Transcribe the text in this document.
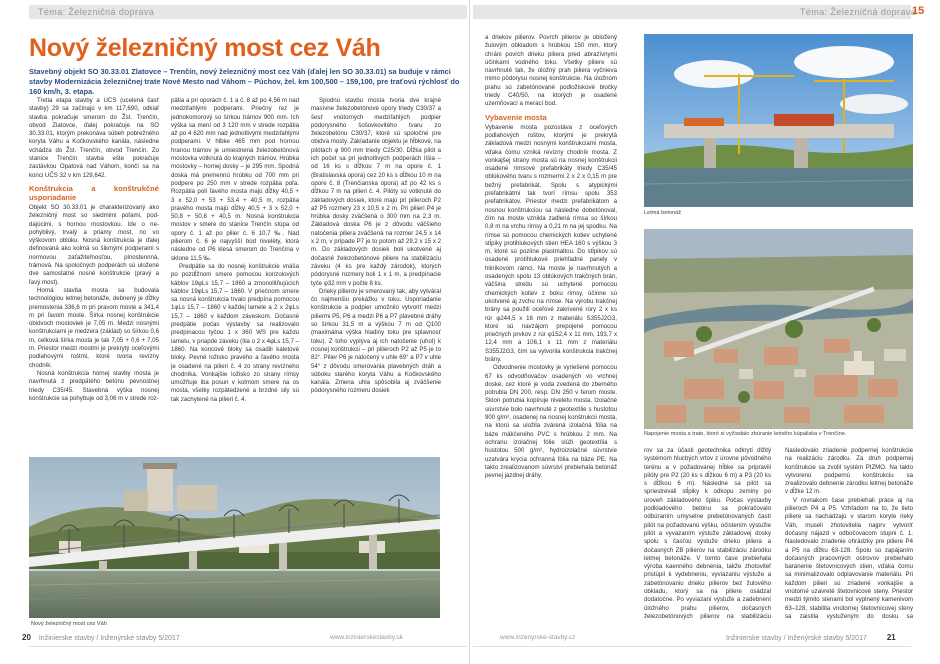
Téma: Železničná doprava	Téma: Železničná doprava
15
Nový železničný most cez Váh
Stavebný objekt SO 30.33.01 Zlatovce – Trenčín, nový železničný most cez Váh (ďalej len SO 30.33.01) sa buduje v rámci stavby Modernizácia železničnej trate Nové Mesto nad Váhom – Púchov, žel. km 100,500 – 159,100, pre traťovú rýchlosť do 160 km/h, 3. etapa.

Tretia etapa stavby a UČS (ucelená časť stavby) 29 sa začínajú v km 117,690, odkiaľ stavba pokračuje smerom do Žst. Trenčín, obvod Zlatovce, ďalej pokračuje na SO 30.33.01, ktorým prekonáva súbeh pobrežného koryta Váhu a Kočkovského kanála, následne vchádza do Žst. Trenčín, obvod Trenčín. Zo stanice Trenčín stavba ešte pokračuje zastávkou Opatová nad Váhom, končí sa na konci UČS 32 v km 129,642.

Konštrukcia a konštrukčné usporiadanie

Objekt SO 30.33.01 je charakterizovaný ako železničný most so siedmimi poľami, pod-dajúcimi, s hornou mostovkou. Ide o ne-pohyblivý, trvalý a priamy most, no vo výškovom oblúku. Nosná konštrukcia je ďalej definovaná ako kolmá so šikmými podperami s normovou zaťažiteľnosťou, plnostennná, trámová. Na spoločných podperách sú uložené dve samostatné nosné konštrukcie (pravý a ľavý most).

Horná stavba mosta sa budovala technológiou letmej betonáže, debnený je dĺžky premostenia 336,6 m pri pravom moste a 341,4 m pri ľavom moste. Šírka nosnej konštrukcie obidvoch mostoviek je 7,05 m. Medzi nosnými konštrukciami je medzera (základ) so šírkou 0,6 m, celková šírka mosta je tak 7,05 + 0,6 + 7,05 m. Priestor medzi mostmi je prekrytý oceľovými podlahovými roštmi, ktoré tvoria revízny chodník.

Nosná konštrukcia hornej stavby mosta je navrhnutá z predpätého betónu pevnostnej triedy C35/45. Stavebná výška nosnej konštrukcie sa pohybuje od 3,06 m v strede roz-

pätia a pri oporách č. 1 a č. 8 až po 4,56 m nad medziľahlými podperami. Priečny rez je jednokomorový so šírkou trámov 900 mm. Ich výška sa mení od 3 120 mm v strede rozpätia až po 4 620 mm nad jednotlivými medziľahlými podperami. V hlbke 465 mm pod hornou hranou trámov je umiestnená železobetónová mostovka votknutá do krajných trámov. Hrúbka mostovky – hornej dosky – je 295 mm. Spodná doska má premennú hrúbku od 700 mm pri podpere po 250 mm v strede rozpätia poľa. Rozpätia polí ľavého mosta majú dĺžky 40,5 + 3 x 52,0 + 53 + 53,4 + 40,5 m, rozpätia pravého mosta majú dĺžky 40,5 + 3 x 52,0 + 50,8 + 50,8 + 40,5 m. Nosná konštrukcia mostov v smere do stanice Trenčín stúpa od opory č. 1 až po pilier č. 6 10,7 ‰. Nad pilierom č. 6 je najvyšší bod niveléty, ktorá následne od P6 klesá smerom do Trenčína v sklone 11,5 ‰.

Predpätie sa do nosnej konštrukcie vnáša po pozdĺžnom smere pomocou konzolových káblov 19φLs 15,7 – 1860 a zmonolitňujúcich káblov 19φLs 15,7 – 1860. V priečnom smere sa nosná konštrukcia trvalo predpína pomocou 1φLs 15,7 – 1860 v každej lamele a 2 x 2φLs 15,7 – 1860 v každom záveskom. Dočasné predpätie počas výstavby sa realizovalo predpínacou tyčou 1 x 360 WS pre každú lamelu, v priapde záveku (ília o 2 x 4φLs 15,7 – 1860. Na koncové bloky sa osadili kaletové bloky. Pevné ložisko pravého a ľavého mosta je osadené na pilieri č. 4 zo strany revízneho chodníka. Vonkajšie ložisko zo strany rímsy umožňuje iba posun v kolmom smere na os mosta, všetky rozpätedzené a brzdné sily sú tak zachytené na pilieri č. 4.

Spodnú stavbu mosta tvoria dve krajné masívne železobetónové opory triedy C30/37 a šesť vnútorných medziľahlých podpier pódorysného šošovkovitého tvaru zo železobetónu C30/37, ktoré sú spoločné pre obidva mosty. Základanie objektu je hĺbkové, na pilótach φ 900 mm triedy C25/30. Dĺžka pilót a ich počet sa pri jednotlivých podperách líšia – od 16 ks s dĺžkou 7 m na opore č. 1 (Bratislavská opora) cez 20 ks s dĺžkou 10 m na opore č. 8 (Trenčianska opora) až po 42 ks s dĺžkou 7 m na pilieri č. 4. Pilóty sú votknuté do základových dosiek, ktoré majú pri pilieroch P2 až P5 rozmery 23 x 10,5 x 2 m. Pri pilieri P4 je hrúbka dosky zväčšená o 300 mm na 2,3 m. Základová doska P6 je z dôvodu väčšieho natočenia piliera zväčšená na rozmer 24,5 x 14 x 2 m, v prípade P7 je to potom až 29,2 x 15 x 2 m. Do základových dosiek boli ukotvené aj dočasné železobetónové piliere na stabilizáciu záveku (4 ks pre každý zárodok), ktorých pódorysné rozmery boli 1 x 1 m, a predpínacie tyče φ32 mm v počte 8 ks.

Drieky pilierov je smerovaný tak, aby vytváral čo najmenšiu prekážku v toku. Usporiadanie konštrukcie a podpier umožnilo vytvoriť medzi piliermi P5, P6 a medzi P6 a P7 plavebné dráhy so šírkou 31,5 m a výškou 7 m od Q100 (maximálna výška hladiny toku pre splavnosť toku). Z toho vyplýva aj ich natočenie (uhol) k nosnej konštrukcii – pri pilieroch P2 až P5 je to 82°. Pilier P6 je natočený v uhle 69° a P7 v uhle 54° z dôvodu smerovania plavebných dráh a súboku starého koryta Váhu a Kočkovského kanála. Zmena uhla spôsobila aj zväčšenie pódorysného rozmeru dosiek

Nový železničný most cez Váh
20 Inžinierske stavby / Inženýrské stavby 5/2017	www.inzinierskestavby.sk

a driekov pilierov. Povrch pilierov je obložený žulovým obkladom s hrúbkou 150 mm, ktorý chráni povrch drieku piliera pred abrazívnymi účinkami vodného toku. Všetky piliere sú navrhnuté tak, že úložný prah piliera vyčnieva mimo pôdorysu nosnej konštrukcie. Na úložnom prahu sú zabetónované podložiskové bločky triedy C40/50, na ktorých je osadené uzemňovací a merací bod.

Vybavenie mosta

Vybavenie mosta pozostáva z oceľových podlahových roštov, ktorými je prekrytá základová medzi nosnými konštrukciami mosta, vďaka čomu vzniká revízny chodník mosta. Z vonkajšej strany mosta sú na nosnej konštrukcii osadené rímsové prefabrikáty triedy C35/45 oblúkového tvaru s rozmermi 2 x 2 x 0,15 m pre bežný prefabrikát. Spolu s atypickými prefabrikátmi tak tvorí rímsu spolu 353 prefabrikátov. Priestor medzi prefabrikátom a nosnou konštrukciou sa následne dobetónoval, čím na moste vznikla zadlená rímsa so šírkou 0,8 m na vrchu rímsy a 0,21 m na jej spodku. Na rímse sú pomocou chemických kotiev uchytené stĺpiky protihlukových stien HEA 160 s výškou 3 m, ktoré sú poziíne plastmaltou. Do stĺpikov sú osadené protihlukové priehľadné panely v hliníkovom rámci. Na moste je navrhnutých a osadených spolu 13 oblúkových trakčných brán, väčšina stredu sú uchytené pomocou chemických kotiev z boku rímsy, účinne sú ukotvené aj zvchu na rímse. Na výrobu trakčnej brány sa použili oceľové zakrivené rúry 2 x ks rúr φ244,5 x 16 mm z materiálu S355J2G3, ktoré sú navzájom prepojené pomocou priečnych prvkov z rúr φ152,4 x 11 mm, 193,7 x 12,4 mm a 106,1 x 11 mm z materiálu S355J2G3, čím sa vytvorila konštrukcia trakčnej brány.

Odvodnenie mostovky je vyriešené pomocou 67 ks odvodňovačov osadených vo vrchnej doske, cez ktoré je voda zvedená do zberného potrubia DN 200, resp. DN 250 v ferom moste. Sklon potrubia kopíruje niveletu mosta. Izolačné súvrstvie bolo navrhnuté z geotextílie s hustotou 900 g/m², osadenej na nosnej konštrukcii mosta, na ktorú sa uložila zvárená izolačná fólia na báze mäkčeného PVC s hrúbkou 2 mm. Na ochranu izolačnej fólie slúži geotextília s hustotou 500 g/m², hydroizolačné súvrstvie uzatvára krycia ochranná fólia na báze PE. Na takto zrealizovanom súvrství prebiehala betonáž pevnej jazdnej dráhy.

Letmá betonáž
Napojenie mosta a trate, ktoré si vyžiadalo zbúranie letného kúpaliska v Trenčíne.

rov sa za účasti geotechnika odkrytí dlžitý systémom hlucbých vrtov z úrovne pôvodného terénu a v požadovanej hĺbke sa pripravili pilóty pre P2 (20 ks s dĺžkou 6 m) a P3 (20 ks s dĺžkou 6 m). Následne sa pilót sa spriestrevali stĺpiky k odkopu zeminy po úroveň základového špiku. Počas výstavby podkladového betónu sa pokračovalo odbúraním umyselne prebetónovaných častí pilót na požadovanú výšku, očistením výstužie pilót a vyvazaním výstuže základovej dosky spolu s časťou výstuže drieku piliera a dočasných ZB pilierov na stabilizáciu zárodku letmej betonáže. V tomto čase prebiehala výroba kaenného debnenia, takže zhotoviteľ pristúpil k vydebneniu, vyviazaniu výstuže a zabetónovaniu drieku pilierov bez žulového obkladu, ktorý sa na piliere osádzal dodatočne. Po vyviazaní výstuže a zadebnení úložného prahu pilierov, dočasných železobetónových pilierov na stabilizáciu

Nasledovalo zriadenie podpernej konštrukcie na realizáciu zárodku. Za druh podpernej konštrukcie sa zvolil systém PIZMO. Na takto vytvorenú podpernú konštrukciu sa zrealizovalo debnenie zárodku letmej betonáže v dĺžke 12 m.

V rovnakom čase prebiehali práce aj na pilieroch P4 a P5. Vzhľadom na to, že tieto piliere sa nachádzajú v starom koryte rieky Váh, museli zhotovitelia najprv vytvoriť dočasný nájazd v odbočovacom stupni č. 1. Nasledovalo zriadenie ohrádzky pre piliere P4 a P5 na dĺžku 63-128. Spolu so zapájaním dočasných pracovných ostrovov prebiehalo baranenie štetovnicových stien, vďaka čomu sa minimalizovalo odplavovanie materiálu. Pri každom pilieri sú zriadené vonkajšie a vnútorné uzavreté štetovnicové steny. Priestor medzi týmito stenami bol vyplnený kamenivom 63–128, stabilita vnútornej štetovnicovej steny sa zaistila vystuženým do dosku sa

www.inzenyrske-stavby.cz	Inžinierske stavby / Inženýrské stavby 5/2017 21
